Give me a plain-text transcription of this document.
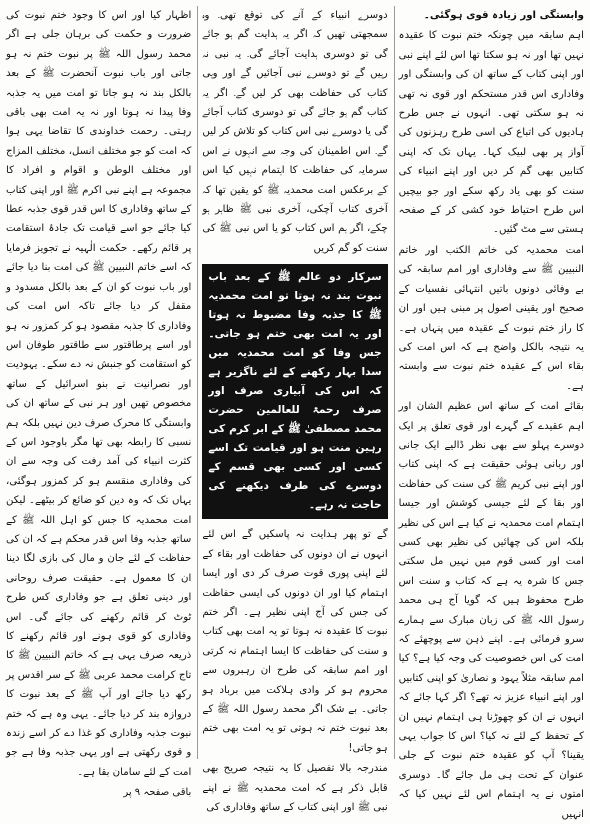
وابستگی اور زیادہ قوی ہوگئی۔

اہم سابقہ میں چونکہ ختم نبوت کا عقیدہ نہیں تھا اور نہ ہو سکتا تھا اس لئے اپنے نبی اور اپنی کتاب کے ساتھ ان کی وابستگی اور وفاداری اس قدر مستحکم اور قوی نہ تھی نہ ہو سکتی تھی۔ انہوں نے جس طرح ہادیوں کی اتباع کی اسی طرح رہزنوں کی آواز پر بھی لبیک کہا۔ یہاں تک کہ اپنی کتابیں بھی گم کر دیں اور اپنے انبیاء کی سنت کو بھی یاد رکھ سکے اور جو بیچیں اس طرح احتیاط خود کشی کر کے صفحہ ہستی سے مٹ گئیں۔

امت محمدیہ کی خاتم الکتب اور خاتم النبیین ﷺ سے وفاداری اور امم سابقہ کی بے وفائی دونوں باتیں انتہائی نفسیات کے صحیح اور یقینی اصول پر مبنی ہیں اور ان کا راز ختم نبوت کے عقیدہ میں پنہاں ہے۔ یہ نتیجہ بالکل واضح ہے کہ اس امت کی بقاء اس کے عقیدہ ختم نبوت سے وابستہ ہے۔

بقائے امت کے ساتھ اس عظیم الشان اور اہم عقیدے کے گہرے اور قوی تعلق پر ایک دوسرے پہلو سے بھی نظر ڈالیے ایک جانی اور ربانی ہوئی حقیقت ہے کہ اپنی کتاب اور اپنے نبی کریم ﷺ کی سنت کی حفاظت اور بقا کے لئے جیسی کوشش اور جیسا اہتمام امت محمدیہ نے کیا ہے اس کی نظیر بلکہ اس کی چھائیں کی نظیر بھی کسی امت اور کسی قوم میں نہیں مل سکتی جس کا شرہ یہ ہے کہ کتاب و سنت اس طرح محفوظ ہیں کہ گویا آج ہی محمد رسول اللہ ﷺ کی زبان مبارک سے ہمارے سرو فرمائی ہے۔ اپنے ذہن سے پوچھئے کہ امت کی اس خصوصیت کی وجہ کیا ہے؟ کیا امم سابقہ مثلاً یہود و نصاریٰ کو اپنی کتابیں اور اپنے انبیاء عزیز نہ تھے؟ اگر کہا جائے کہ انہوں نے ان کو چھوڑنا ہی اہتمام نہیں ان کے تحفظ کے لئے نہ کیا؟ اس کا جواب یہی یقینا؟ آپ کو عقیدہ ختم نبوت کے جلی عنوان کے تحت ہی مل جائے گا۔ دوسری امتوں نے یہ اہتمام اس لئے نہیں کیا کہ انہیں

دوسرے انبیاء کے آنے کی توقع تھی۔ وہ سمجھتی تھیں کہ اگر یہ ہدایت گم ہو جائے گی تو دوسری ہدایت آجائے گی۔ یہ نبی نہ رہیں گے تو دوسرے نبی آجائیں گے اور وہی کتاب کی حفاظت بھی کر لیں گے۔ اگر یہ کتاب گم ہو جائے گی تو دوسری کتاب آجائے گی یا دوسرے نبی اس کتاب کو تلاش کر لیں گے۔ اس اطمینان کی وجہ سے انہوں نے اس سرمایہ کی حفاظت کا اہتمام نہیں کیا اس کے برعکس امت محمدیہ ﷺ کو یقین تھا کہ آخری کتاب آچکی، آخری نبی ﷺ ظاہر ہو چکے، اگر ہم اس کتاب کو یا اس نبی ﷺ کی سنت کو گم کریں

سرکار دو عالم ﷺ کے بعد باب نبوت بند نہ ہوتا تو امت محمدیہ ﷺ کا جذبہ وفا مضبوط نہ ہوتا اور یہ امت بھی ختم ہو جاتی۔ جس وفا کو امت محمدیہ میں سدا بہار رکھنے کے لئے ناگزیر ہے کہ اس کی آبیاری صرف اور صرف رحمۃ للعالمین حضرت محمد مصطفیٰ ﷺ کے ابر کرم کی رہین منت ہو اور قیامت تک اسے کسی اور کسی بھی قسم کے دوسرے کی طرف دیکھنے کی حاجت نہ رہے۔

گے تو پھر ہدایت نہ پاسکیں گے اس لئے انہوں نے ان دونوں کی حفاظت اور بقاء کے لئے اپنی پوری قوت صرف کر دی اور ایسا اہتمام کیا اور ان دونوں کی ایسی حفاظت کی جس کی آج اپنی نظیر ہے۔ اگر ختم نبوت کا عقیدہ نہ ہوتا تو یہ امت بھی کتاب و سنت کی حفاظت کا ایسا اہتمام نہ کرتی اور امم سابقہ کی طرح ان رہبروں سے محروم ہو کر وادی ہلاکت میں برباد ہو جاتی۔ بے شک اگر محمد رسول اللہ ﷺ کے بعد نبوت ختم نہ ہوتی تو یہ امت بھی ختم ہو جاتی!

مندرجہ بالا تفصیل کا یہ نتیجہ صریح بھی قابل ذکر ہے کہ امت محمدیہ ﷺ نے اپنے نبی ﷺ اور اپنی کتاب کے ساتھ وفاداری کی

اظہار کیا اور اس کا وجود ختم نبوت کی ضرورت و حکمت کی برہان جلی ہے اگر محمد رسول اللہ ﷺ پر نبوت ختم نہ ہو جاتی اور باب نبوت آنحضرت ﷺ کے بعد بالکل بند نہ ہو جاتا تو امت میں یہ جذبہ وفا پیدا نہ ہوتا اور نہ یہ امت بھی باقی رہتی۔ رحمت خداوندی کا تقاضا یہی ہوا کہ امت کو جو مختلف انسل، مختلف المزاج اور مختلف الوطن و اقوام و افراد کا مجموعہ ہے اپنے نبی اکرم ﷺ اور اپنی کتاب کے ساتھ وفاداری کا اس قدر قوی جذبہ عطا کیا جائے جو اسے قیامت تک جادۂ استقامت پر قائم رکھے۔ حکمت الٰہیہ نے تجویز فرمایا کہ اسے خاتم النبیین ﷺ کی امت بنا دیا جائے اور باب نبوت کو ان کے بعد بالکل مسدود و مقفل کر دیا جائے تاکہ اس امت کی وفاداری کا جذبہ مقصود ہو کر کمزور نہ ہو اور اسے پرطاقتور سے طاقتور طوفان اس کو استقامت کو جنبش نہ دے سکے۔ یہودیت اور نصرانیت نے بنو اسرائیل کے ساتھ مخصوص تھیں اور ہر نبی کے ساتھ ان کی وابستگی کا محرک صرف دین نہیں بلکہ ہم نسبی کا رابطہ بھی تھا مگر باوجود اس کے کثرت انبیاء کی آمد رفت کی وجہ سے ان کی وفاداری منقسم ہو کر کمزور ہوگئی، یہاں تک کہ وہ دین کو ضائع کر بیٹھے۔ لیکن امت محمدیہ کا جس کو اہل اللہ ﷺ کے ساتھ جذبہ وفا اس قدر محکم ہے کہ ان کی حفاظت کے لئے جان و مال کی بازی لگا دینا ان کا معمول ہے۔ حقیقت صرف روحانی اور دینی تعلق ہے جو وفاداری کس طرح ٹوٹ کر قائم رکھنے کی جائے گی۔ اس وفاداری کو قوی ہونے اور قائم رکھنے کا ذریعہ صرف یہی ہے کہ خاتم النبیین ﷺ کا تاج کرامت محمد عربی ﷺ کے سر اقدس پر رکھ دیا جائے اور آپ ﷺ کے بعد نبوت کا دروازہ بند کر دیا جائے۔ یہی وہ ہے کہ ختم نبوت جذبہ وفاداری کو غذا دے کر اسے زندہ و قوی رکھتی ہے اور یہی جذبہ وفا ہے جو امت کے لئے سامان بقا ہے۔

باقی صفحہ ۹ پر
